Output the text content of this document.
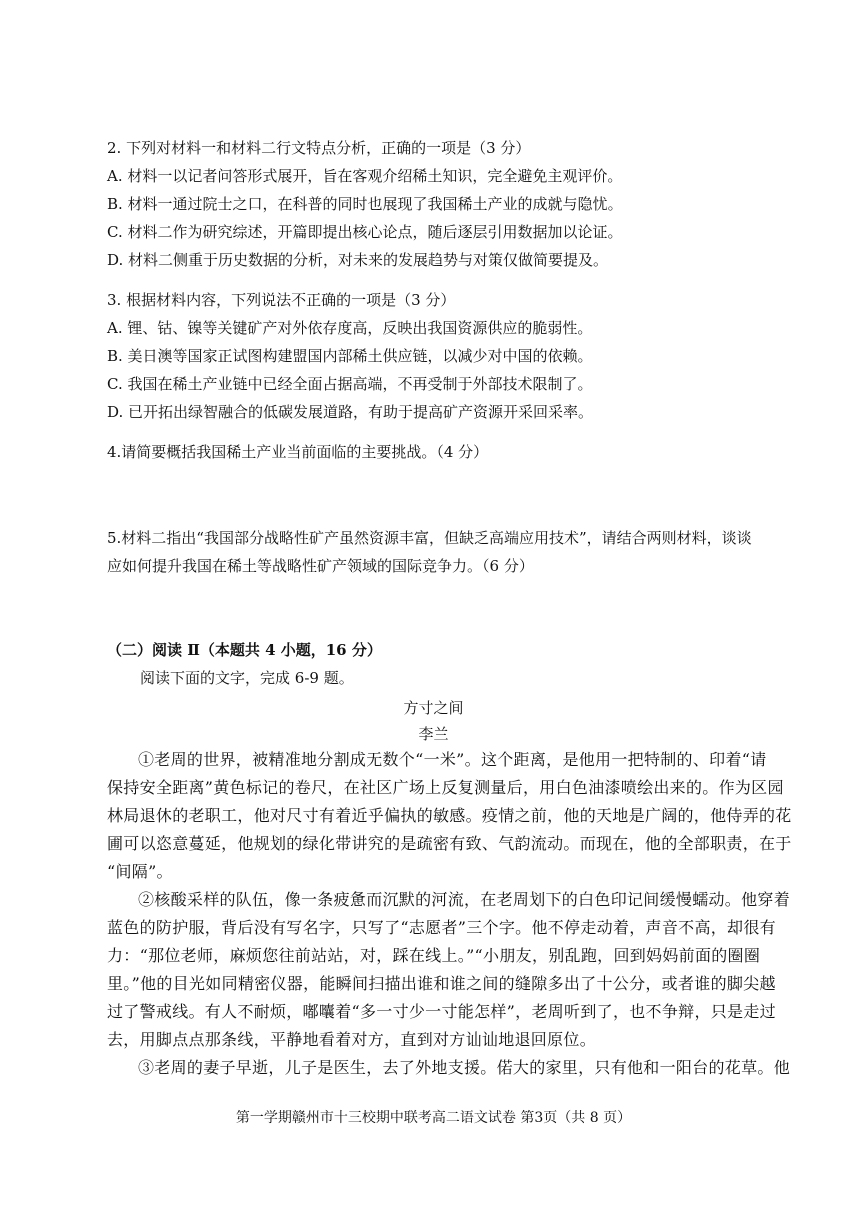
2. 下列对材料一和材料二行文特点分析，正确的一项是（3 分）
A. 材料一以记者问答形式展开，旨在客观介绍稀土知识，完全避免主观评价。
B. 材料一通过院士之口，在科普的同时也展现了我国稀土产业的成就与隐忧。
C. 材料二作为研究综述，开篇即提出核心论点，随后逐层引用数据加以论证。
D. 材料二侧重于历史数据的分析，对未来的发展趋势与对策仅做简要提及。
3. 根据材料内容，下列说法不正确的一项是（3 分）
A. 锂、钴、镍等关键矿产对外依存度高，反映出我国资源供应的脆弱性。
B. 美日澳等国家正试图构建盟国内部稀土供应链，以减少对中国的依赖。
C. 我国在稀土产业链中已经全面占据高端，不再受制于外部技术限制了。
D. 已开拓出绿智融合的低碳发展道路，有助于提高矿产资源开采回采率。
4.请简要概括我国稀土产业当前面临的主要挑战。（4 分）
5.材料二指出“我国部分战略性矿产虽然资源丰富，但缺乏高端应用技术”，请结合两则材料，谈谈
应如何提升我国在稀土等战略性矿产领域的国际竞争力。（6 分）
（二）阅读 Ⅱ（本题共 4 小题，16 分）
阅读下面的文字，完成 6-9 题。
方寸之间
李兰
①老周的世界，被精准地分割成无数个“一米”。这个距离，是他用一把特制的、印着“请
保持安全距离”黄色标记的卷尺，在社区广场上反复测量后，用白色油漆喷绘出来的。作为区园
林局退休的老职工，他对尺寸有着近乎偏执的敏感。疫情之前，他的天地是广阔的，他侍弄的花
圃可以恣意蔓延，他规划的绿化带讲究的是疏密有致、气韵流动。而现在，他的全部职责，在于
“间隔”。
②核酸采样的队伍，像一条疲惫而沉默的河流，在老周划下的白色印记间缓慢蠕动。他穿着
蓝色的防护服，背后没有写名字，只写了“志愿者”三个字。他不停走动着，声音不高，却很有
力：“那位老师，麻烦您往前站站，对，踩在线上。”“小朋友，别乱跑，回到妈妈前面的圈圈
里。”他的目光如同精密仪器，能瞬间扫描出谁和谁之间的缝隙多出了十公分，或者谁的脚尖越
过了警戒线。有人不耐烦，嘟囔着“多一寸少一寸能怎样”，老周听到了，也不争辩，只是走过
去，用脚点点那条线，平静地看着对方，直到对方讪讪地退回原位。
③老周的妻子早逝，儿子是医生，去了外地支援。偌大的家里，只有他和一阳台的花草。他
第一学期赣州市十三校期中联考高二语文试卷 第3页（共 8 页）
